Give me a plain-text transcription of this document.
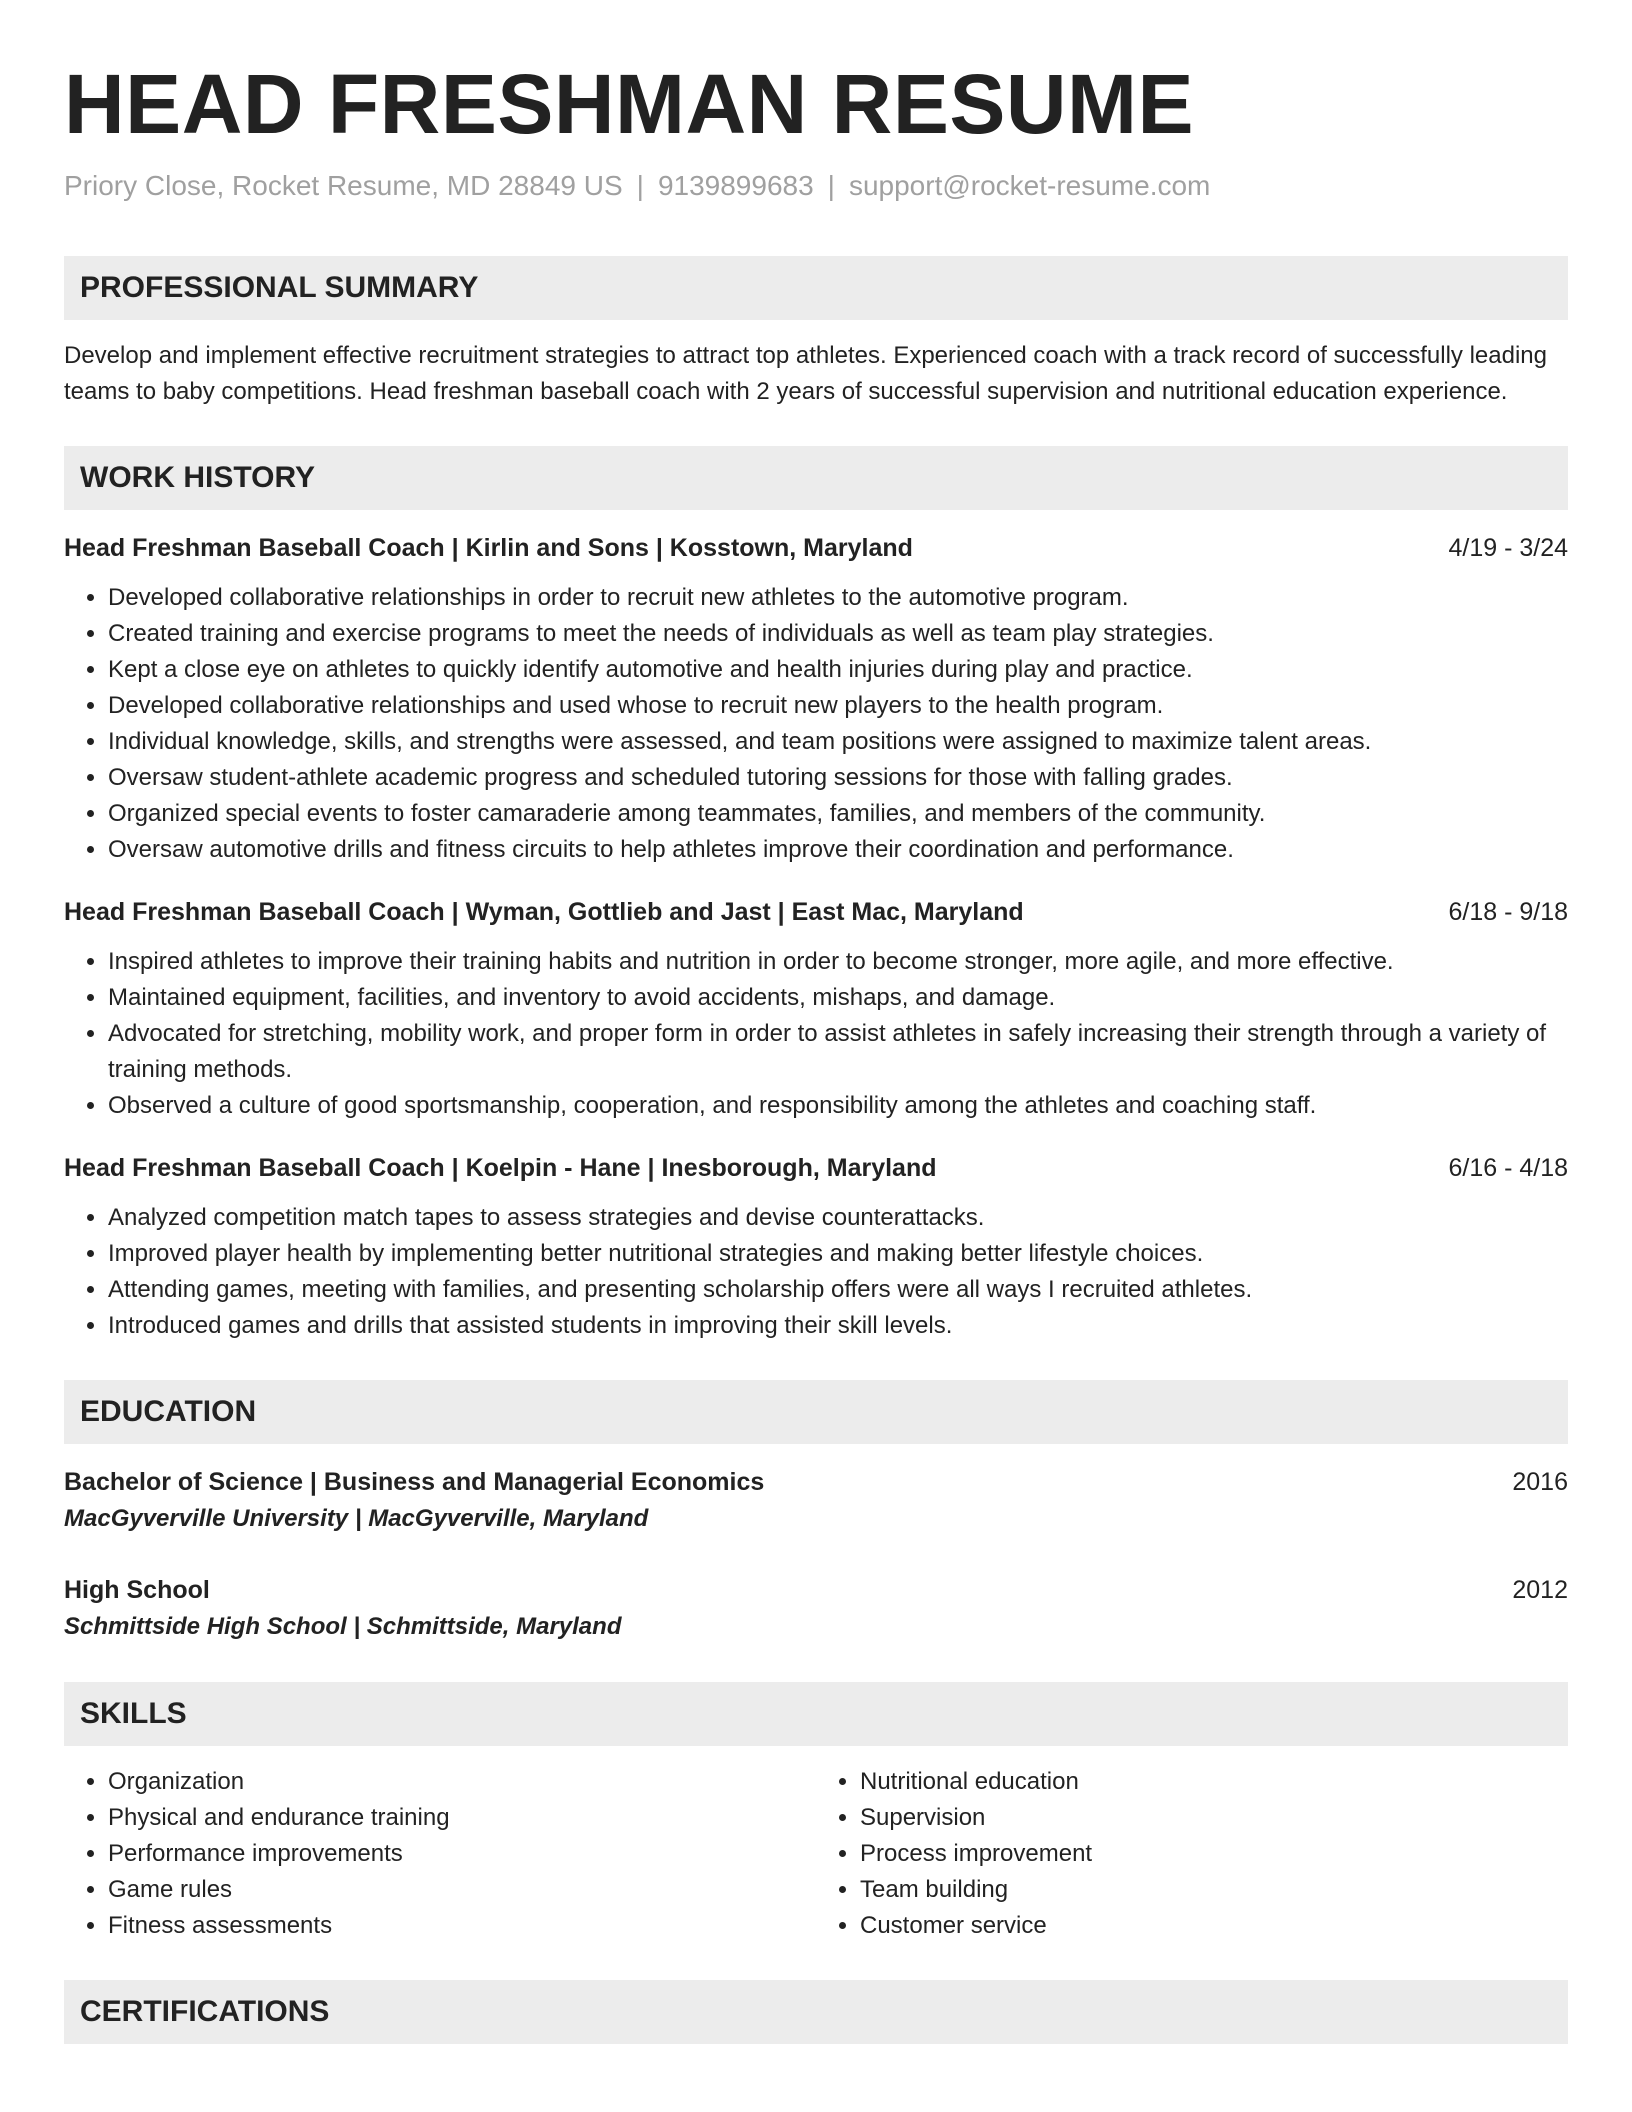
HEAD FRESHMAN RESUME
Priory Close, Rocket Resume, MD 28849 US | 9139899683 | support@rocket-resume.com
PROFESSIONAL SUMMARY
Develop and implement effective recruitment strategies to attract top athletes. Experienced coach with a track record of successfully leading teams to baby competitions. Head freshman baseball coach with 2 years of successful supervision and nutritional education experience.
WORK HISTORY
Head Freshman Baseball Coach | Kirlin and Sons | Kosstown, Maryland	4/19 - 3/24
• Developed collaborative relationships in order to recruit new athletes to the automotive program.
• Created training and exercise programs to meet the needs of individuals as well as team play strategies.
• Kept a close eye on athletes to quickly identify automotive and health injuries during play and practice.
• Developed collaborative relationships and used whose to recruit new players to the health program.
• Individual knowledge, skills, and strengths were assessed, and team positions were assigned to maximize talent areas.
• Oversaw student-athlete academic progress and scheduled tutoring sessions for those with falling grades.
• Organized special events to foster camaraderie among teammates, families, and members of the community.
• Oversaw automotive drills and fitness circuits to help athletes improve their coordination and performance.
Head Freshman Baseball Coach | Wyman, Gottlieb and Jast | East Mac, Maryland	6/18 - 9/18
• Inspired athletes to improve their training habits and nutrition in order to become stronger, more agile, and more effective.
• Maintained equipment, facilities, and inventory to avoid accidents, mishaps, and damage.
• Advocated for stretching, mobility work, and proper form in order to assist athletes in safely increasing their strength through a variety of training methods.
• Observed a culture of good sportsmanship, cooperation, and responsibility among the athletes and coaching staff.
Head Freshman Baseball Coach | Koelpin - Hane | Inesborough, Maryland	6/16 - 4/18
• Analyzed competition match tapes to assess strategies and devise counterattacks.
• Improved player health by implementing better nutritional strategies and making better lifestyle choices.
• Attending games, meeting with families, and presenting scholarship offers were all ways I recruited athletes.
• Introduced games and drills that assisted students in improving their skill levels.
EDUCATION
Bachelor of Science | Business and Managerial Economics	2016
MacGyverville University | MacGyverville, Maryland
High School	2012
Schmittside High School | Schmittside, Maryland
SKILLS
• Organization
• Physical and endurance training
• Performance improvements
• Game rules
• Fitness assessments
• Nutritional education
• Supervision
• Process improvement
• Team building
• Customer service
CERTIFICATIONS
